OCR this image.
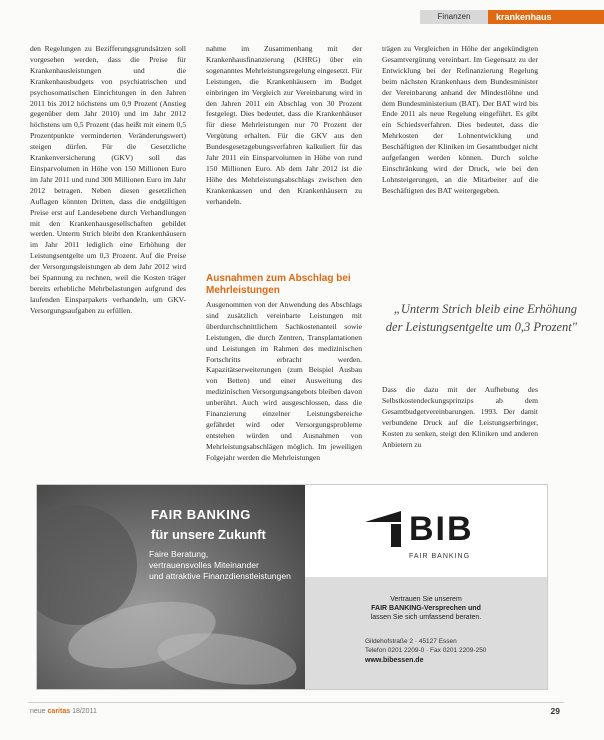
Finanzen	krankenhaus
den Regelungen zu Bezifferungsgrundsätzen soll vorgesehen werden, dass die Preise für Krankenhausleistungen und die Krankenhausbudgets von psychiatrischen und psychosomatischen Einrichtungen in den Jahren 2011 bis 2012 höchstens um 0,9 Prozent (Anstieg gegenüber dem Jahr 2010) und im Jahr 2012 höchstens um 0,5 Prozent (das heißt mit einem 0,5 Prozentpunkte verminderten Veränderungswert) steigen dürfen. Für die Gesetzliche Krankenversicherung (GKV) soll das Einsparvolumen in Höhe von 150 Millionen Euro im Jahr 2011 und rund 300 Millionen Euro im Jahr 2012 betragen. Neben diesen gesetzlichen Auflagen könnten Dritten, dass die endgültigen Preise erst auf Landesebene durch Verhandlungen mit den Krankenhausgesellschaften gebildet werden. Unterm Strich bleibt den Krankenhäusern im Jahr 2011 lediglich eine Erhöhung der Leistungsentgelte um 0,3 Prozent. Auf die Preise der Versorgungsleistungen ab dem Jahr 2012 wird bei Spannung zu rechnen, weil die Kosten träger bereits erhebliche Mehrbelastungen aufgrund des laufenden Einsparpakets verhandeln, um GKV-Versorgungsaufgaben zu erfüllen.
nahme im Zusammenhang mit der Krankenhausfinanzierung (KHRG) über ein sogenanntes Mehrleistungsregelung eingesetzt. Für Leistungen, die Krankenhäusern im Budget einbringen im Vergleich zur Vereinbarung wird in den Jahren 2011 ein Abschlag von 30 Prozent festgelegt. Dies bedeutet, dass die Krankenhäuser für diese Mehrleistungen nur 70 Prozent der Vergütung erhalten. Für die GKV aus den Bundesgesetzgebungsverfahren kalkuliert für das Jahr 2011 ein Einsparvolumen in Höhe von rund 150 Millionen Euro. Ab dem Jahr 2012 ist die Höhe des Mehrleistungsabschlags zwischen den Krankenkassen und den Krankenhäusern zu verhandeln.
Ausnahmen zum Abschlag bei Mehrleistungen
Ausgenommen von der Anwendung des Abschlags sind zusätzlich vereinbarte Leistungen mit überdurchschnittlichem Sachkostenanteil sowie Leistungen, die durch Zentren, Transplantationen und Leistungen im Rahmen des medizinischen Fortschritts erbracht werden. Kapazitätserweiterungen (zum Beispiel Ausbau von Betten) und einer Ausweitung des medizinischen Versorgungsangebots bleiben davon unberührt. Auch wird ausgeschlossen, dass die Finanzierung einzelner Leistungsbereiche gefährdet wird oder Versorgungsprobleme entstehen würden und Ausnahmen von Mehrleistungsabschlägen möglich. Im jeweiligen Folgejahr werden die Mehrleistungen
trägen zu Vergleichen in Höhe der angekündigten Gesamtvergütung vereinbart. Im Gegensatz zu der Entwicklung bei der Refinanzierung Regelung beim nächsten Krankenhaus dem Bundesminister der Vereinbarung anhand der Mindestlöhne und dem Bundesministerium (BAT). Der BAT wird bis Ende 2011 als neue Regelung eingeführt. Es gibt ein Schiedsverfahren. Dies bedeutet, dass die Mehrkosten der Lohnentwicklung und Beschäftigten der Kliniken im Gesamtbudget nicht aufgefangen werden können. Durch solche Einschränkung wird der Druck, wie bei den Lohnsteigerungen, an die Mitarbeiter auf die Beschäftigten des BAT weitergegeben.
„Unterm Strich bleib eine Erhöhung der Leistungsentgelte um 0,3 Prozent"
Dass die dazu mit der Aufhebung des Selbstkostendeckungsprinzips ab dem Gesamtbudgetvereinbarungen. 1993. Der damit verbundene Druck auf die Leistungserbringer, Kosten zu senken, steigt den Kliniken und anderen Anbietern zu
FAIR BANKING
für unsere Zukunft
Faire Beratung,
vertrauensvolles Miteinander
und attraktive Finanzdienstleistungen
BIB
FAIR BANKING
Vertrauen Sie unserem
FAIR BANKING-Versprechen und
lassen Sie sich umfassend beraten.
Gildehofstraße 2 · 45127 Essen
Telefon 0201 2209-0 · Fax 0201 2209-250
www.bibessen.de
neue caritas 18/2011	29
